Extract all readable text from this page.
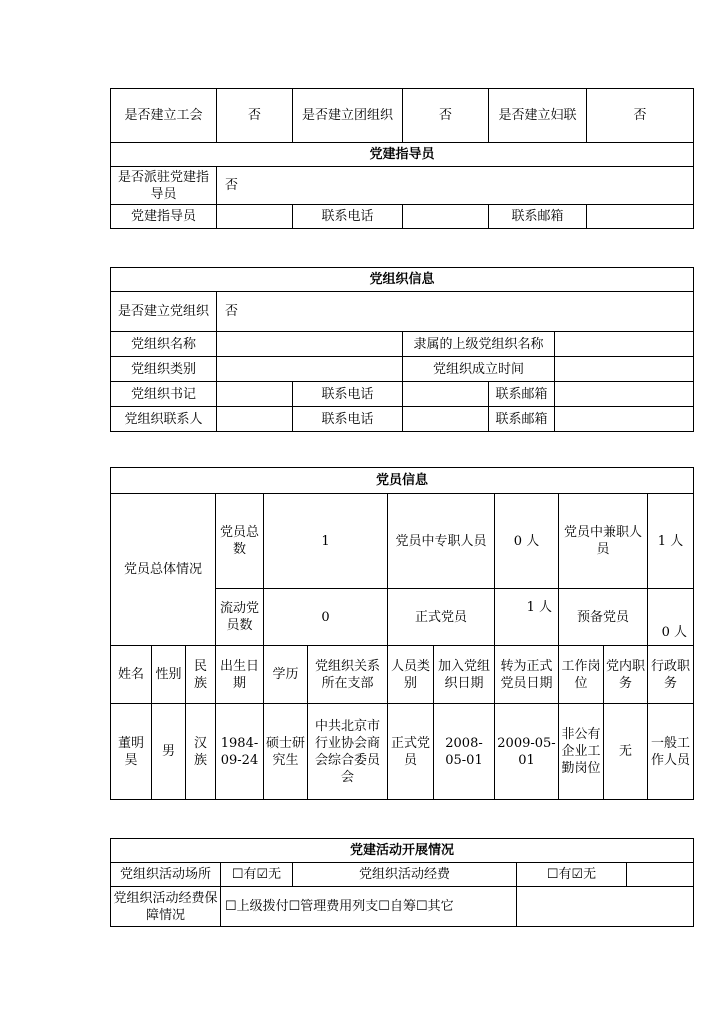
是否建立工会	否	是否建立团组织	否	是否建立妇联	否
党建指导员					
是否派驻党建指导员	否				
党建指导员		联系电话		联系邮箱	
党组织信息					
是否建立党组织	否				
党组织名称			隶属的上级党组织名称		
党组织类别			党组织成立时间		
党组织书记		联系电话		联系邮箱	
党组织联系人		联系电话		联系邮箱	
党员信息											
党员总体情况			党员总数	1		党员中专职人员		0 人	党员中兼职人员		1 人
			流动党员数	0		正式党员		1 人	预备党员		0 人
姓名	性别	民族	出生日期	学历	党组织关系所在支部	人员类别	加入党组织日期	转为正式党员日期	工作岗位	党内职务	行政职务
董明昊	男	汉族	1984-09-24	硕士研究生	中共北京市行业协会商会综合委员会	正式党员	2008-05-01	2009-05-01	非公有企业工勤岗位	无	一般工作人员
党建活动开展情况				
党组织活动场所	☐有☑无	党组织活动经费	☐有☑无	
党组织活动经费保障情况	☐上级拨付☐管理费用列支☐自筹☐其它			
